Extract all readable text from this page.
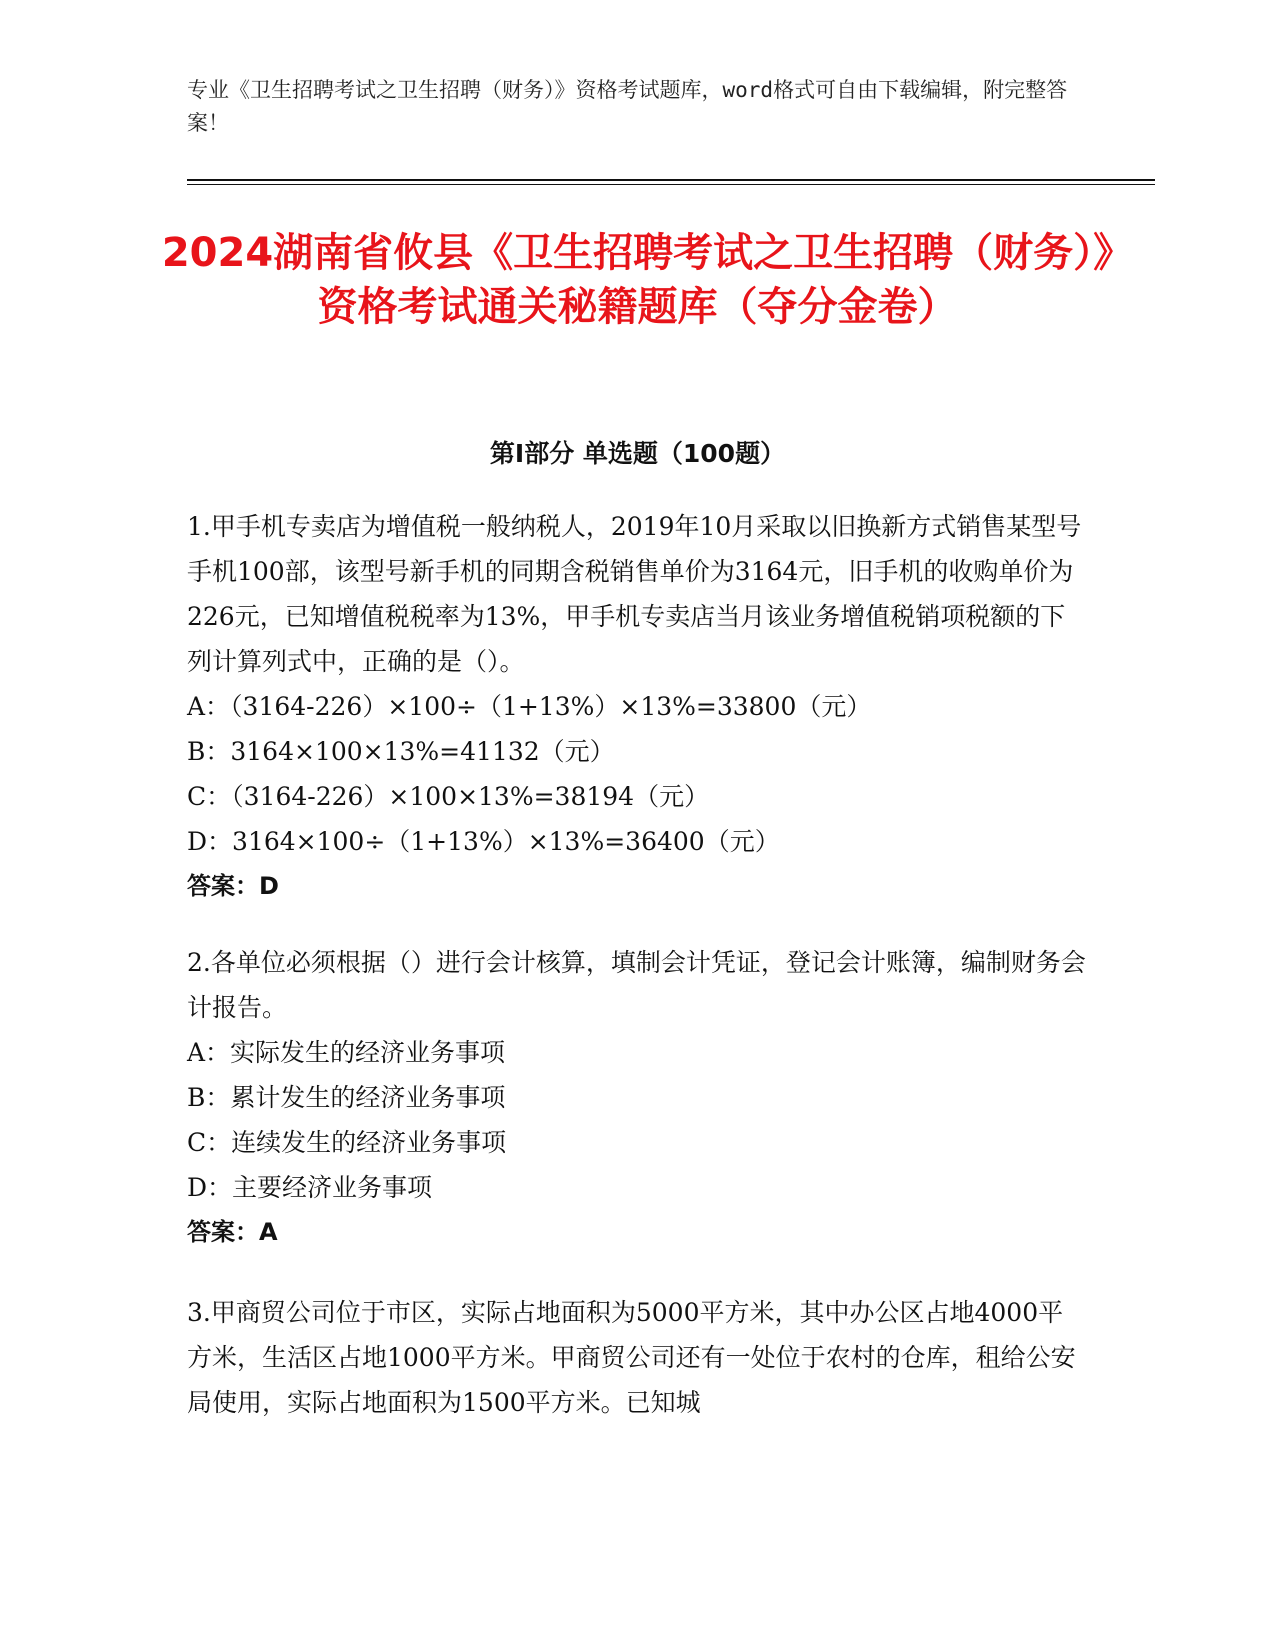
专业《卫生招聘考试之卫生招聘（财务）》资格考试题库，word格式可自由下载编辑，附完整答案！
2024湖南省攸县《卫生招聘考试之卫生招聘（财务）》资格考试通关秘籍题库（夺分金卷）
第I部分 单选题（100题）

1.甲手机专卖店为增值税一般纳税人，2019年10月采取以旧换新方式销售某型号手机100部，该型号新手机的同期含税销售单价为3164元，旧手机的收购单价为226元，已知增值税税率为13%，甲手机专卖店当月该业务增值税销项税额的下列计算列式中，正确的是（）。

A：（3164-226）×100÷（1+13%）×13%=33800（元）

B：3164×100×13%=41132（元）

C：（3164-226）×100×13%=38194（元）

D：3164×100÷（1+13%）×13%=36400（元）

答案：D

2.各单位必须根据（）进行会计核算，填制会计凭证，登记会计账簿，编制财务会计报告。

A：实际发生的经济业务事项

B：累计发生的经济业务事项

C：连续发生的经济业务事项

D：主要经济业务事项

答案：A

3.甲商贸公司位于市区，实际占地面积为5000平方米，其中办公区占地4000平方米，生活区占地1000平方米。甲商贸公司还有一处位于农村的仓库，租给公安局使用，实际占地面积为1500平方米。已知城
